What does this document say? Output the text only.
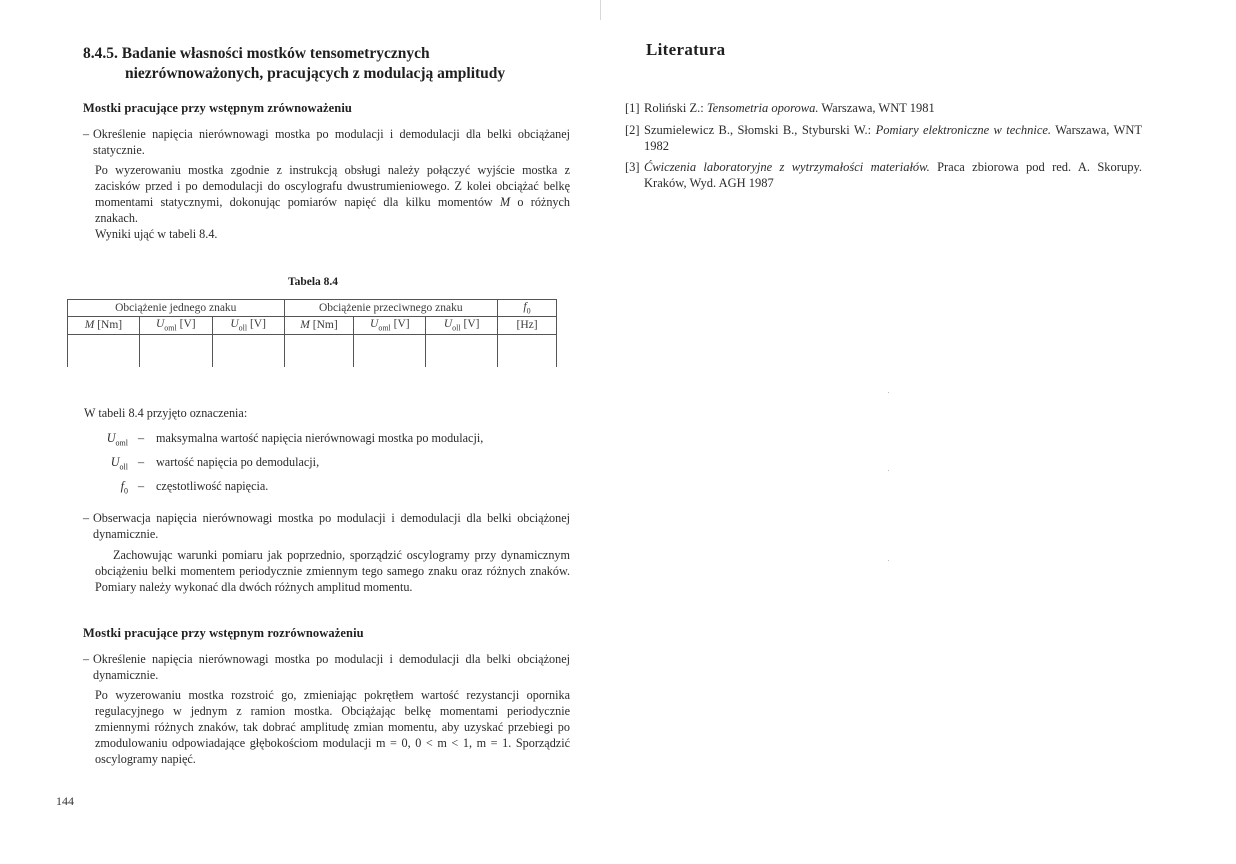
8.4.5. Badanie własności mostków tensometrycznych
niezrównoważonych, pracujących z modulacją amplitudy
Mostki pracujące przy wstępnym zrównoważeniu
– Określenie napięcia nierównowagi mostka po modulacji i demodulacji dla belki obciążanej statycznie.
Po wyzerowaniu mostka zgodnie z instrukcją obsługi należy połączyć wyjście mostka z zacisków przed i po demodulacji do oscylografu dwustrumieniowego. Z kolei obciążać belkę momentami statycznymi, dokonując pomiarów napięć dla kilku momentów M o różnych znakach.
Wyniki ująć w tabeli 8.4.
Tabela 8.4
Obciążenie jednego znaku			Obciążenie przeciwnego znaku			$f_0$
M [Nm]	$U_{oml}$ [V]	$U_{oll}$ [V]	M [Nm]	$U_{oml}$ [V]	$U_{oll}$ [V]	[Hz]

W tabeli 8.4 przyjęto oznaczenia:
$U_{oml}$ – maksymalna wartość napięcia nierównowagi mostka po modulacji,
$U_{oll}$ – wartość napięcia po demodulacji,
$f_0$ – częstotliwość napięcia.
– Obserwacja napięcia nierównowagi mostka po modulacji i demodulacji dla belki obciążonej dynamicznie.
Zachowując warunki pomiaru jak poprzednio, sporządzić oscylogramy przy dynamicznym obciążeniu belki momentem periodycznie zmiennym tego samego znaku oraz różnych znaków. Pomiary należy wykonać dla dwóch różnych amplitud momentu.
Mostki pracujące przy wstępnym rozrównoważeniu
– Określenie napięcia nierównowagi mostka po modulacji i demodulacji dla belki obciążonej dynamicznie.
Po wyzerowaniu mostka rozstroić go, zmieniając pokrętłem wartość rezystancji opornika regulacyjnego w jednym z ramion mostka. Obciążając belkę momentami periodycznie zmiennymi różnych znaków, tak dobrać amplitudę zmian momentu, aby uzyskać przebiegi po zmodulowaniu odpowiadające głębokościom modulacji m = 0, 0 < m < 1, m = 1. Sporządzić oscylogramy napięć.
144
Literatura
[1] Roliński Z.: Tensometria oporowa. Warszawa, WNT 1981
[2] Szumielewicz B., Słomski B., Styburski W.: Pomiary elektroniczne w technice. Warszawa, WNT 1982
[3] Ćwiczenia laboratoryjne z wytrzymałości materiałów. Praca zbiorowa pod red. A. Skorupy. Kraków, Wyd. AGH 1987
